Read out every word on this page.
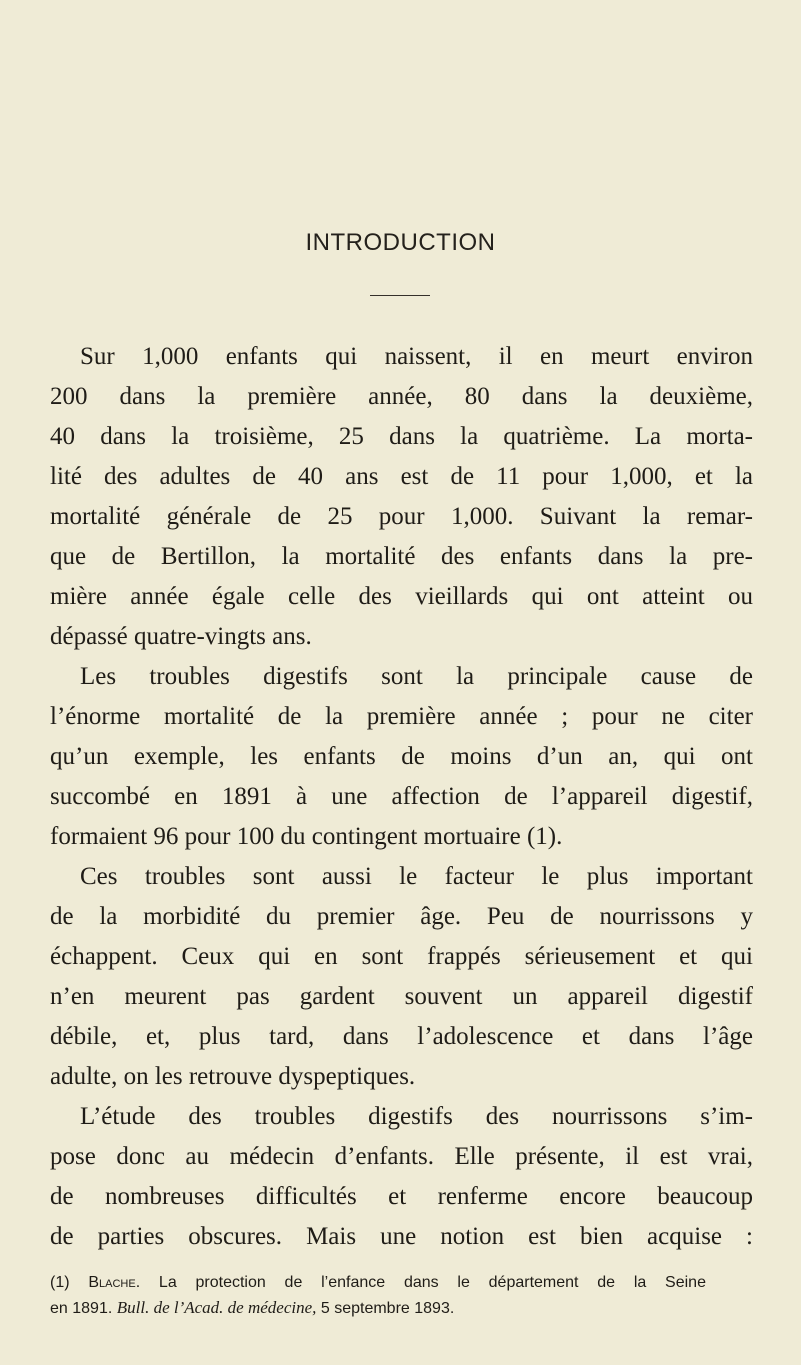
INTRODUCTION
Sur 1,000 enfants qui naissent, il en meurt environ
200 dans la première année, 80 dans la deuxième,
40 dans la troisième, 25 dans la quatrième. La morta-
lité des adultes de 40 ans est de 11 pour 1,000, et la
mortalité générale de 25 pour 1,000. Suivant la remar-
que de Bertillon, la mortalité des enfants dans la pre-
mière année égale celle des vieillards qui ont atteint ou
dépassé quatre-vingts ans.
Les troubles digestifs sont la principale cause de
l’énorme mortalité de la première année ; pour ne citer
qu’un exemple, les enfants de moins d’un an, qui ont
succombé en 1891 à une affection de l’appareil digestif,
formaient 96 pour 100 du contingent mortuaire (1).
Ces troubles sont aussi le facteur le plus important
de la morbidité du premier âge. Peu de nourrissons y
échappent. Ceux qui en sont frappés sérieusement et qui
n’en meurent pas gardent souvent un appareil digestif
débile, et, plus tard, dans l’adolescence et dans l’âge
adulte, on les retrouve dyspeptiques.
L’étude des troubles digestifs des nourrissons s’im-
pose donc au médecin d’enfants. Elle présente, il est vrai,
de nombreuses difficultés et renferme encore beaucoup
de parties obscures. Mais une notion est bien acquise :
(1) Blache. La protection de l’enfance dans le département de la Seine
en 1891. Bull. de l’Acad. de médecine, 5 septembre 1893.
